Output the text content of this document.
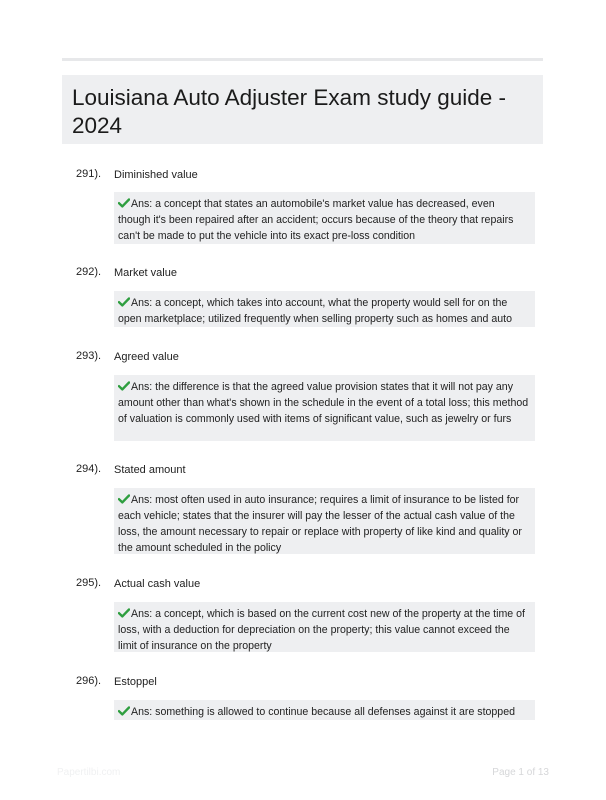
Louisiana Auto Adjuster Exam study guide - 2024
291). Diminished value
Ans: a concept that states an automobile's market value has decreased, even though it's been repaired after an accident; occurs because of the theory that repairs can't be made to put the vehicle into its exact pre-loss condition
292). Market value
Ans: a concept, which takes into account, what the property would sell for on the open marketplace; utilized frequently when selling property such as homes and auto
293). Agreed value
Ans: the difference is that the agreed value provision states that it will not pay any amount other than what's shown in the schedule in the event of a total loss; this method of valuation is commonly used with items of significant value, such as jewelry or furs
294). Stated amount
Ans: most often used in auto insurance; requires a limit of insurance to be listed for each vehicle; states that the insurer will pay the lesser of the actual cash value of the loss, the amount necessary to repair or replace with property of like kind and quality or the amount scheduled in the policy
295). Actual cash value
Ans: a concept, which is based on the current cost new of the property at the time of loss, with a deduction for depreciation on the property; this value cannot exceed the limit of insurance on the property
296). Estoppel
Ans: something is allowed to continue because all defenses against it are stopped
Papertilbi.com	Page 1 of 13
